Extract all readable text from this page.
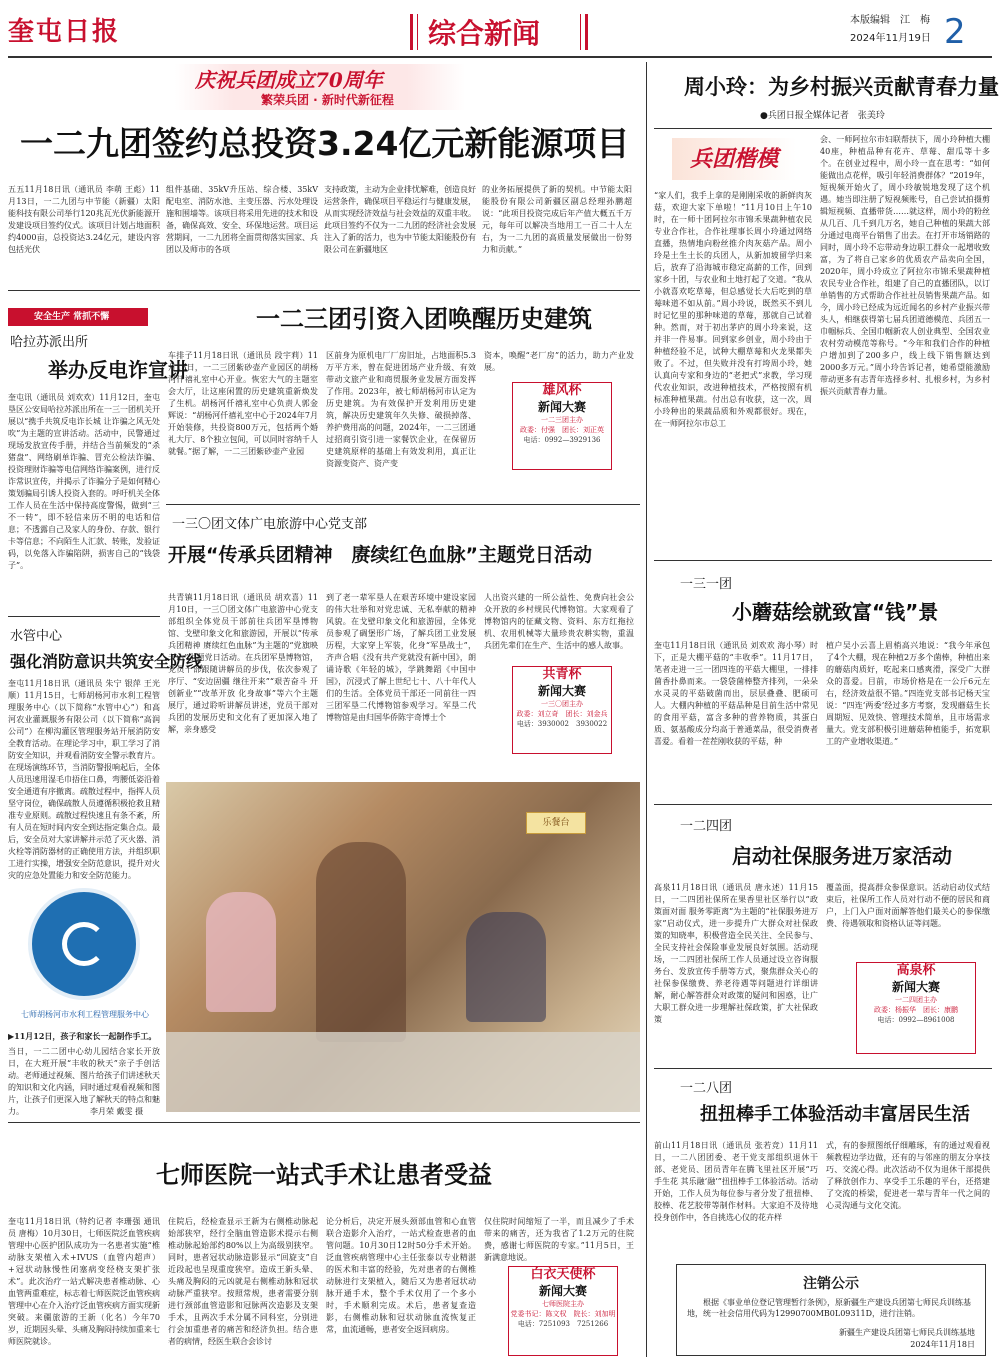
奎屯日报	综合新闻	本版编辑　江　梅
2024年11月19日 2
庆祝兵团成立70周年
繁荣兵团 · 新时代新征程
一二九团签约总投资3.24亿元新能源项目
五五11月18日讯（通讯员 李萌 王彪）11月13日，一二九团与中节能（新疆）太阳能科技有限公司举行120兆瓦光伏新能源开发建设项目签约仪式。该项目计划占地面积约4000亩，总投资达3.24亿元，建设内容包括光伏
组件基础、35kV升压站、综合楼、35kV配电室、消防水池、主变压器、污水处理设施和围墙等。该项目将采用先进的技术和设备，确保高效、安全、环保地运营。项目运营期间，一二九团将全面贯彻落实国家、兵团以及师市的各项
支持政策，主动为企业排忧解难，创造良好运营条件，确保项目平稳运行与健康发展，从而实现经济效益与社会效益的双重丰收。此项目签约不仅为一二九团的经济社会发展注入了新的活力，也为中节能太阳能股份有限公司在新疆地区
的业务拓展提供了新的契机。中节能太阳能股份有限公司新疆区副总经理孙鹏超说：“此项目投资完成后年产值大概五千万元，每年可以解决当地用工一百二十人左右，为一二九团的高质量发展做出一份努力和贡献。”
安全生产 常抓不懈
哈拉苏派出所
举办反电诈宣讲
奎屯讯（通讯员 刘欢欢）11月12日，奎屯垦区公安局哈拉苏派出所在一三一团机关开展以“携手共筑反电诈长城 让诈骗之风无处吹”为主题的宣讲活动。活动中，民警通过现场发放宣传手册，并结合当前频发的“杀猪盘”、网络刷单诈骗、冒充公检法诈骗、投资理财诈骗等电信网络诈骗案例，进行反诈常识宣传，并揭示了诈骗分子是如何精心策划骗局引诱人投资入套的。呼吁机关全体工作人员在生活中保持高度警惕，做到“三不一转”，即不轻信来历不明的电话和信息；不透露自己及家人的身份、存款、银行卡等信息；不向陌生人汇款、转账，发验证码，以免落入诈骗陷阱，损害自己的“钱袋子”。
水管中心
强化消防意识共筑安全防线
奎屯11月18日讯（通讯员 朱宁 银萍 王光顺）11月15日，七师胡杨河市水利工程管理服务中心（以下简称“水管中心”）和高河农业灌溉服务有限公司（以下简称“高润公司”）在柳沟灌区管理服务站开展消防安全教育活动。在理论学习中，职工学习了消防安全知识，并观看消防安全警示教育片。在现场演练环节，当消防警报响起后，全体人员迅速用湿毛巾捂住口鼻，弯腰低姿沿着安全通道有序撤离。疏散过程中，指挥人员坚守岗位，确保疏散人员遵循积极抢救且精准专业原则。疏散过程快速且有条不紊，所有人员在短时间内安全到达指定集合点。最后，安全员对大家讲解并示范了灭火器、消火栓等消防器材的正确使用方法，并组织职工进行实操，增强安全防范意识，提升对火灾的应急处置能力和安全防范能力。
七师胡杨河市水利工程管理服务中心
▶11月12日，孩子和家长一起制作手工。
当日，一二二团中心幼儿园结合家长开放日，在大班开展“丰收的秋天”亲子手创活动。老师通过视频、图片给孩子们讲述秋天的知识和文化内涵，同时通过观看视频和图片，让孩子们更深入地了解秋天的特点和魅力。	李月荣 戴雯 摄
一二三团引资入团唤醒历史建筑
车排子11月18日讯（通讯员 段宇莉）11月18日，一二三团紫砂壶产业园区的胡杨河仟禧礼室中心开业。恢宏大气的主题室会大厅，让这座闲置的历史建筑重新焕发了生机。胡杨河仟禧礼室中心负责人郭金辉说：“胡杨河仟禧礼室中心于2024年7月开始装修，共投资800万元，包括两个婚礼大厅、8个独立包间，可以同时容纳千人就餐。”据了解，一二三团紫砂壶产业园
区前身为原机电厂厂房旧址，占地面积5.3万平方米，曾在促进团场产业升级、有效带动文旅产业和商贸服务业发展方面发挥了作用。2023年，被七师胡杨河市认定为历史建筑。为有效保护开发利用历史建筑，解决历史建筑年久失修、破损掉落、养护费用高的问题，2024年，一二三团通过招商引资引进一家餐饮企业，在保留历史建筑原样的基础上有效发利用，真正让资源变资产、资产变
资本，唤醒“老厂房”的活力，助力产业发展。
雄风杯
新闻大赛
一二三团主办
政委：付强　团长：刘正英
电话：0992—3929136
一三〇团文体广电旅游中心党支部
开展“传承兵团精神　赓续红色血脉”主题党日活动
共青镇11月18日讯（通讯员 胡欢喜）11月10日，一三〇团文体广电旅游中心党支部组织全体党员干部前往兵团军垦博物馆、戈壁印象文化和旅游园，开展以“传承兵团精神 赓续红色血脉”为主题的“党旗映天山”主题党日活动。在兵团军垦博物馆，党员干部跟随讲解员的步伐，依次参观了序厅、“安边固疆 继往开来”“艰苦奋斗 开创新业”“改革开放 化身故事”等六个主题展厅，通过聆听讲解员讲述，党员干部对兵团的发展历史和文化有了更加深入地了解，亲身感受
到了老一辈军垦人在艰苦环境中建设家园的伟大壮举和对党忠诚、无私奉献的精神风貌。在戈壁印象文化和旅游园，全体党员参观了碉堡形广场，了解兵团工业发展历程，大家穿上军装，化身“军垦战士”，齐声合唱《没有共产党就没有新中国》，朗诵诗歌《年轻的城》，学跳舞蹈《中国中国》，沉浸式了解上世纪七十、八十年代人们的生活。全体党员干部还一同前往一四三团军垦二代博物馆参观学习。军垦二代博物馆是由归国华侨陈宇奇博士个
人出资兴建的一所公益性、免费向社会公众开放的乡村规民代博物馆。大家观看了博物馆内的征藏文物、资料、东方红拖拉机、农用机械等大量珍贵农耕实物，重温兵团先辈们在生产、生活中的感人故事。
共青杯
新闻大赛
一三〇团主办
政委：刘立奇　团长：刘金兵
电话：3930002　3930022
乐餐台
七师医院一站式手术让患者受益
奎屯11月18日讯（特约记者 李珊强 通讯员 唐梅）10月30日，七师医院泛血管疾病管理中心医护团队成功为一名患者实施“椎动脉支架植入术+IVUS（血管内超声）+冠状动脉慢性闭塞病变经桡支架扩张术”。此次治疗一站式解决患者椎动脉、心血管两重难症，标志着七师医院泛血管疾病管理中心在介入治疗泛血管疾病方面实现新突破。来疆旅游的王新（化名）今年70岁，近期因头晕、头痛及胸闷持续加重来七师医院就诊。
住院后，经检查显示王新为右侧椎动脉起始部狭窄，经行全脑血管造影术提示右侧椎动脉起始部约80%以上为高级别狭窄。同时，患者冠状动脉造影显示“回旋支”自近段起也呈现重度狭窄。造成王新头晕、头痛及胸闷的元凶就是右侧椎动脉和冠状动脉严重狭窄。按照常规，患者需要分别进行颈部血管造影和冠脉两次造影及支架手术，且两次手术分属不同科室，分别进行会加重患者的痛苦和经济负担。结合患者的病情，经医生联合会诊讨
论分析后，决定开展头颈部血管和心血管联合造影介入治疗，一站式检查患者的血管问题。10月30日12时50分手术开始。泛血管疾病管理中心主任张泰以专业精湛的医术和丰富的经验，先对患者的右侧椎动脉进行支架植入，随后又为患者冠状动脉开通手术，整个手术仅用了一个多小时，手术顺利完成。术后，患者复查造影，右侧椎动脉和冠状动脉血流恢复正常，血流通畅，患者安全返回病房。
仅住院时间缩短了一半，而且减少了手术带来的痛苦，还为我省了1.2万元的住院费，感谢七师医院的专家。”11月5日，王新满意地说。
白衣天使杯
新闻大赛
七师医院主办
党委书记：陈文权　院长：刘加明
电话：7251093　7251266
周小玲：为乡村振兴贡献青春力量
●兵团日报全媒体记者　张美玲
兵团楷模
“家人们，我手上拿的是刚刚采收的新鲜肉灰菇，欢迎大家下单啦！”11月10日上午10时，在一师十团阿拉尔市锦禾果蔬种植农民专业合作社，合作社理事长周小玲通过网络直播，热情地向粉丝推介肉灰菇产品。周小玲是土生土长的兵团人，从新加坡留学归来后，放弃了沿海城市稳定高薪的工作，回到家乡十团，与农业和土地打起了交道。“我从小就喜欢吃草莓，但总感觉长大后吃到的草莓味道不如从前。”周小玲说，既然买不到儿时记忆里的那种味道的草莓，那就自己试着种。然而，对于初出茅庐的周小玲来说，这并非一件易事。回到家乡创业，周小玲由于种植经验不足，试种大棚草莓和火龙果都失败了。不过，但失败并没有打垮周小玲，她认真向专家和身边的“老把式”求教，学习现代农业知识，改进种植技术，严格按照有机标准种植果蔬。付出总有收获，这一次，周小玲种出的果蔬品质和外观都很好。现在，在一师阿拉尔市总工
会、一师阿拉尔市妇联帮扶下，周小玲种植大棚40座，种植品种有花卉、草莓、甜瓜等十多个。在创业过程中，周小玲一直在思考：“如何能做出点花样，吸引年轻消费群体？”2019年，短视频开始火了，周小玲敏锐地发现了这个机遇。她当即注册了短视频账号，自己尝试拍摄剪辑短视频、直播带货……就这样，周小玲的粉丝从几百、几千到几万名，她自己种植的果蔬大部分通过电商平台销售了出去。在打开市场销路的同时，周小玲不忘带动身边职工群众一起增收致富，为了将自己家乡的优质农产品卖向全国，2020年，周小玲成立了阿拉尔市锦禾果蔬种植农民专业合作社，组建了自己的直播团队，以订单销售的方式帮助合作社社员销售果蔬产品。如今，周小玲已经成为远近闻名的乡村产业振兴带头人，相继获得第七届兵团道德模范、兵团五一巾帼标兵、全国巾帼新农人创业典型、全国农业农村劳动模范等称号。“今年和我们合作的种植户增加到了200多户，线上线下销售额达到2000多万元。”周小玲告诉记者，她希望能激励带动更多有志青年选择乡村、扎根乡村，为乡村振兴贡献青春力量。
一三一团
小蘑菇绘就致富“钱”景
奎屯11月18日讯（通讯员 刘欢欢 海小琴）时下，正是大棚平菇的“丰收季”。11月17日，笔者走进一三一团四连的平菇大棚里，一排排菌香扑鼻而来。一袋袋菌棒整齐排列，一朵朵水灵灵的平菇破菌而出，层层叠叠、肥硕可人。大棚内种植的平菇品种是目前生活中常见的食用平菇，富含多种的营养物质，其蛋白质、氨基酸成分均高于普通菜品，很受消费者喜爱。看着一茬茬刚收获的平菇，种
植户吴小云喜上眉梢高兴地说：“我今年承包了4个大棚，现在种植2万多个菌棒，种植出来的蘑菇肉质好，吃起来口感爽滑，深受广大群众的喜爱。目前，市场价格是在一公斤6元左右，经济效益很不错。”四连党支部书记杨天宝说：“四连‘两委’经过多方考察，发现蘑菇生长周期短、见效快、管理技术简单，且市场需求量大。党支部积极引进蘑菇种植能手，拓宽职工的产业增收渠道。”
一二四团
启动社保服务进万家活动
高泉11月18日讯（通讯员 唐永述）11月15日，一二四团社保所在果香里社区举行以“政策面对面 服务零距离”为主题的“社保服务进万家”启动仪式，进一步提升广大群众对社保政策的知晓率，积极营造全民关注、全民参与、全民支持社会保险事业发展良好氛围。活动现场，一二四团社保所工作人员通过设立咨询服务台、发放宣传手册等方式，聚焦群众关心的社保参保缴费、养老待遇等问题进行详细讲解，耐心解答群众对政策的疑问和困惑，让广大职工群众进一步理解社保政策，扩大社保政策
覆盖面，提高群众参保意识。活动启动仪式结束后，社保所工作人员对行动不便的居民和商户，上门入户面对面解答他们最关心的参保缴费、待遇领取和资格认证等问题。
高泉杯
新闻大赛
一二四团主办
政委：杨振华　团长：康鹏
电话：0992—8961008
一二八团
扭扭棒手工体验活动丰富居民生活
前山11月18日讯（通讯员 张若竞）11月11日，一二八团团委、老干党支部组织退休干部、老党员、团员青年在腾飞里社区开展“巧手生花 其乐融‘融’”扭扭棒手工体验活动。活动开始，工作人员为每位参与者分发了扭扭棒、胶棒、花艺胶带等制作材料。大家迫不及待地投身创作中，各自挑选心仪的花卉样
式，有的参照图纸仔细雕琢，有的通过观看视频教程边学边做，还有的与邻座的朋友分享技巧、交流心得。此次活动不仅为退休干部提供了释放创作力、享受手工乐趣的平台，还搭建了交流的桥梁，促进老一辈与青年一代之间的心灵沟通与文化交流。
注销公示
根据《事业单位登记管理暂行条例》，原新疆生产建设兵团第七师民兵训练基地，统一社会信用代码为12990700MB0L09311D，进行注销。
新疆生产建设兵团第七师民兵训练基地
2024年11月18日
